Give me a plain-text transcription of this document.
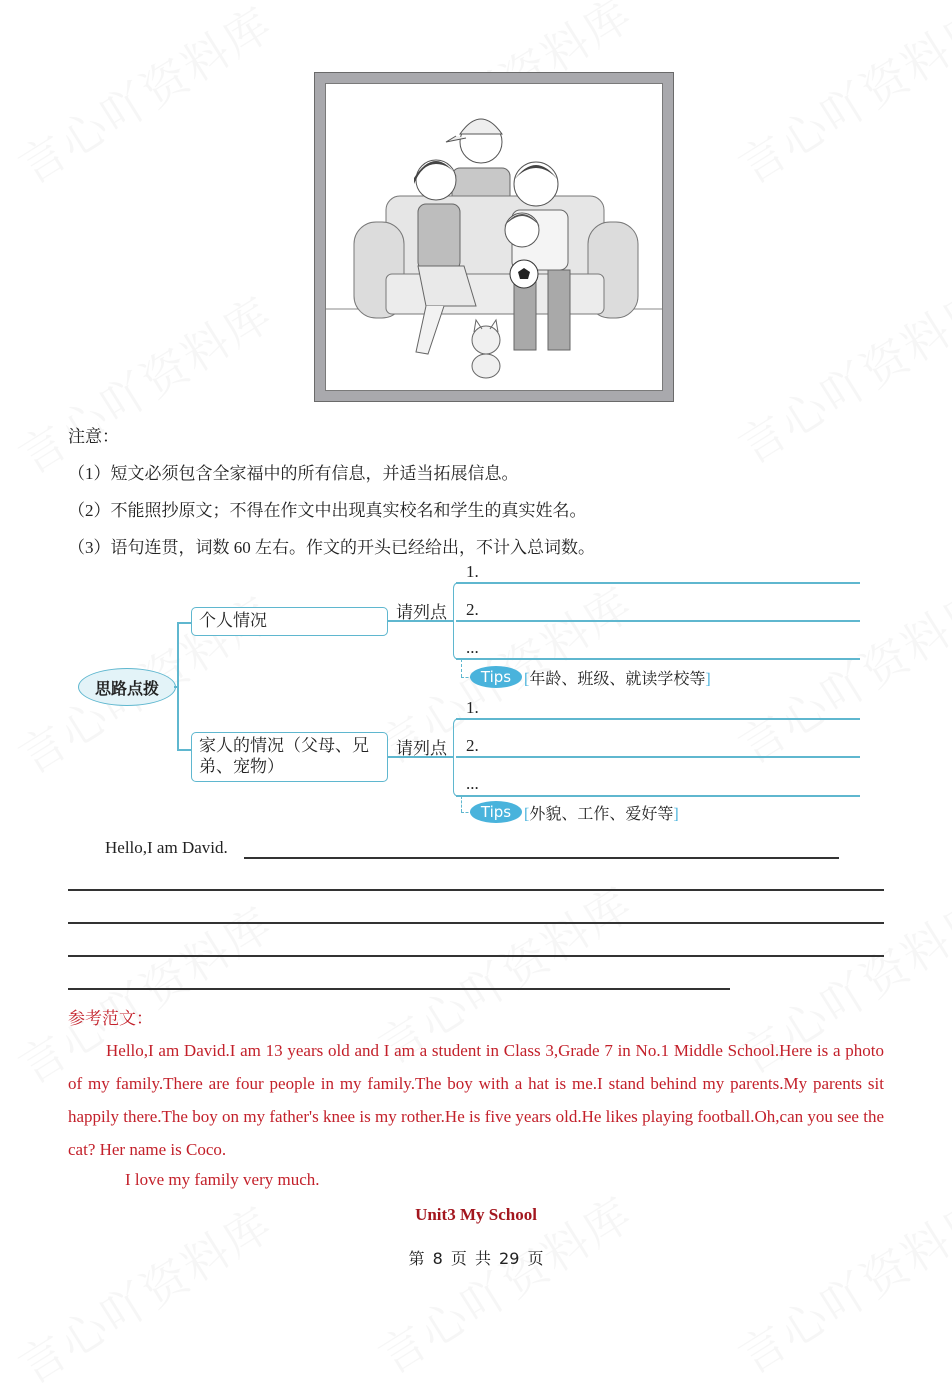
注意：
（1）短文必须包含全家福中的所有信息，并适当拓展信息。
（2）不能照抄原文；不得在作文中出现真实校名和学生的真实姓名。
（3）语句连贯，词数 60 左右。作文的开头已经给出，不计入总词数。
思路点拨
个人情况	请列点
1.
2.
...
Tips [年龄、班级、就读学校等]
家人的情况（父母、兄
弟、宠物）
请列点
1.
2.
...
Tips [外貌、工作、爱好等]
Hello,I am David.
参考范文：
Hello,I am David.I am 13 years old and I am a student in Class 3,Grade 7 in No.1 Middle School.Here is a photo of my family.There are four people in my family.The boy with a hat is me.I stand behind my parents.My parents sit happily there.The boy on my father's knee is my rother.He is five years old.He likes playing football.Oh,can you see the cat? Her name is Coco.
I love my family very much.
Unit3 My School
第 8 页 共 29 页
